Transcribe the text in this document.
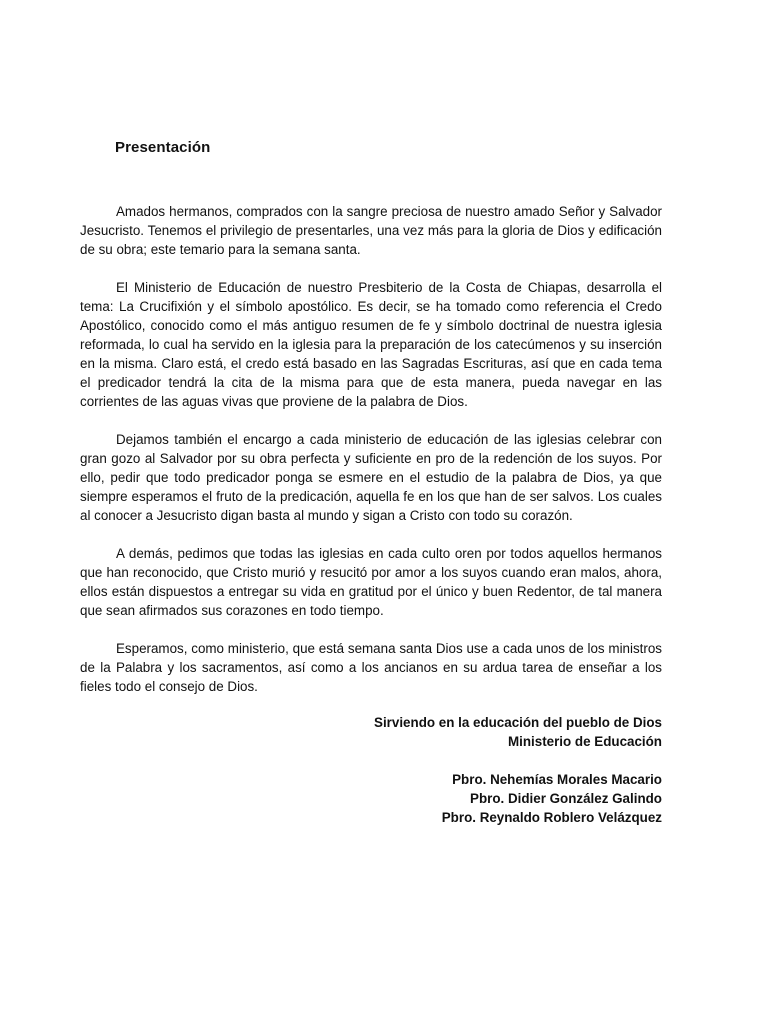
Presentación

Amados hermanos, comprados con la sangre preciosa de nuestro amado Señor y Salvador Jesucristo. Tenemos el privilegio de presentarles, una vez más para la gloria de Dios y edificación de su obra; este temario para la semana santa.

El Ministerio de Educación de nuestro Presbiterio de la Costa de Chiapas, desarrolla el tema: La Crucifixión y el símbolo apostólico. Es decir, se ha tomado como referencia el Credo Apostólico, conocido como el más antiguo resumen de fe y símbolo doctrinal de nuestra iglesia reformada, lo cual ha servido en la iglesia para la preparación de los catecúmenos y su inserción en la misma. Claro está, el credo está basado en las Sagradas Escrituras, así que en cada tema el predicador tendrá la cita de la misma para que de esta manera, pueda navegar en las corrientes de las aguas vivas que proviene de la palabra de Dios.

Dejamos también el encargo a cada ministerio de educación de las iglesias celebrar con gran gozo al Salvador por su obra perfecta y suficiente en pro de la redención de los suyos. Por ello, pedir que todo predicador ponga se esmere en el estudio de la palabra de Dios, ya que siempre esperamos el fruto de la predicación, aquella fe en los que han de ser salvos. Los cuales al conocer a Jesucristo digan basta al mundo y sigan a Cristo con todo su corazón.

A demás, pedimos que todas las iglesias en cada culto oren por todos aquellos hermanos que han reconocido, que Cristo murió y resucitó por amor a los suyos cuando eran malos, ahora, ellos están dispuestos a entregar su vida en gratitud por el único y buen Redentor, de tal manera que sean afirmados sus corazones en todo tiempo.

Esperamos, como ministerio, que está semana santa Dios use a cada unos de los ministros de la Palabra y los sacramentos, así como a los ancianos en su ardua tarea de enseñar a los fieles todo el consejo de Dios.

Sirviendo en la educación del pueblo de Dios
Ministerio de Educación
Pbro. Nehemías Morales Macario
Pbro. Didier González Galindo
Pbro. Reynaldo Roblero Velázquez
